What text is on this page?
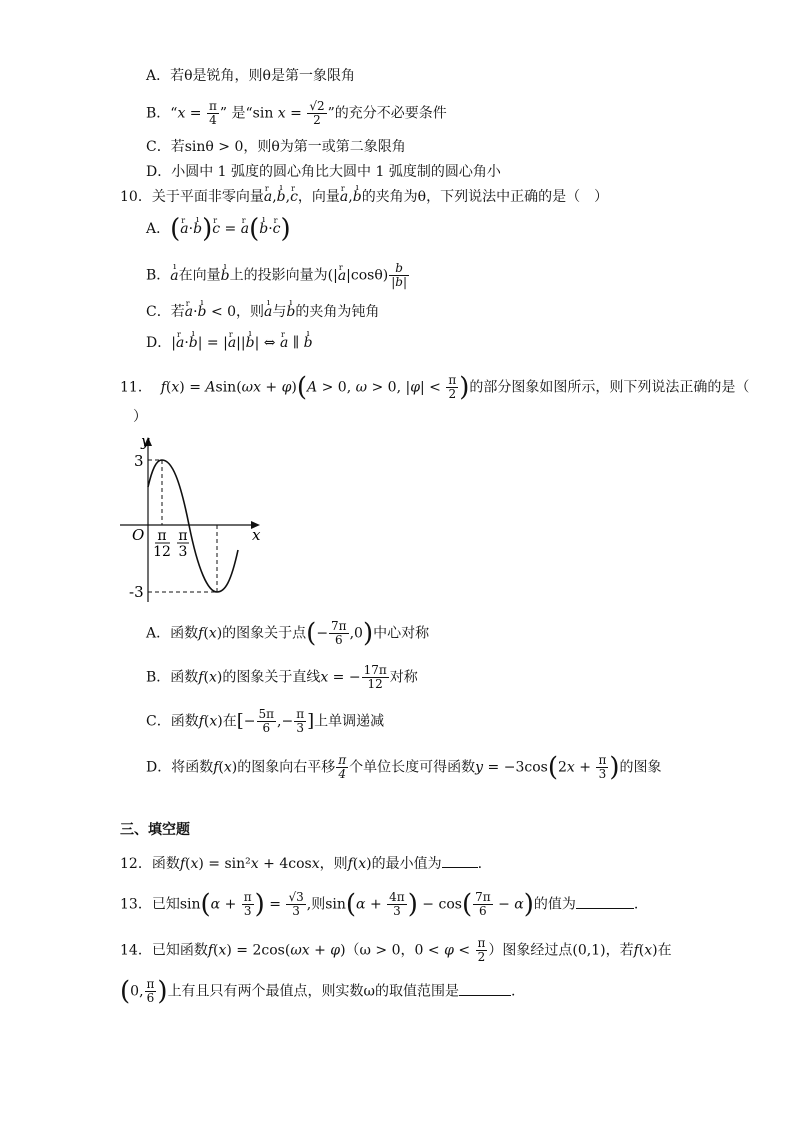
A．若θ是锐角，则θ是第一象限角
B．“$x = \frac{\pi}{4}$ ” 是“sin $x = \frac{√2}{2}$ ”的充分不必要条件
C．若sinθ > 0，则θ为第一或第二象限角
D．小圆中 1 弧度的圆心角比大圆中 1 弧度制的圆心角小
10．关于平面非零向量r a,ı b,r c，向量r a,ı b的夹角为θ，下列说法中正确的是（　）
A．(r a·ı b)r c = r a(ı b·r c)
B．ı a在向量ı b上的投影向量为(|r $a|\cos\theta) \frac{b}{|b|}$
C．若r a·ı b < 0，则ı a与ı b的夹角为钝角
D．|r a·ı b| = |r a||ı b| ⇔ r a ∥ ı b
11． f(x) = Asin(ωx + φ)(A > 0, ω > 0, $|\varphi| < \frac{\pi}{2}$ )的部分图象如图所示，则下列说法正确的是（
）
y
x
3
-3
O π
12
π
3
A．函数f(x)的图象关于点(− $\frac{7\pi}{6} ,0$)中心对称
B．函数f(x)的图象关于直线x = − $\frac{17\pi}{12}$ 对称
C．函数f(x)在[− $\frac{5\pi}{6}$ ,− $\frac{\pi}{3}$ ]上单调递减
D．将函数f(x)的图象向右平移 $\frac{\pi}{4}$ 个单位长度可得函数$y = -3\cos(2x + \frac{\pi}{3}$ )的图象
三、填空题
12．函数f(x) = sin²x + 4cosx，则f(x)的最小值为	.
13．已知$\sin(\alpha + \frac{\pi}{3}$ ) = $\frac{√3}{3}$ ,则$\sin(\alpha + \frac{4\pi}{3}$ ) − $\cos( \frac{7\pi}{6} - \alpha)$的值为	.
14．已知函数f(x) = 2cos(ωx + φ)（ω > 0，$0 < \varphi < \frac{\pi}{2}$ ）图象经过点(0,1)，若f(x)在
(0, $\frac{\pi}{6}$ )上有且只有两个最值点，则实数ω的取值范围是	.
